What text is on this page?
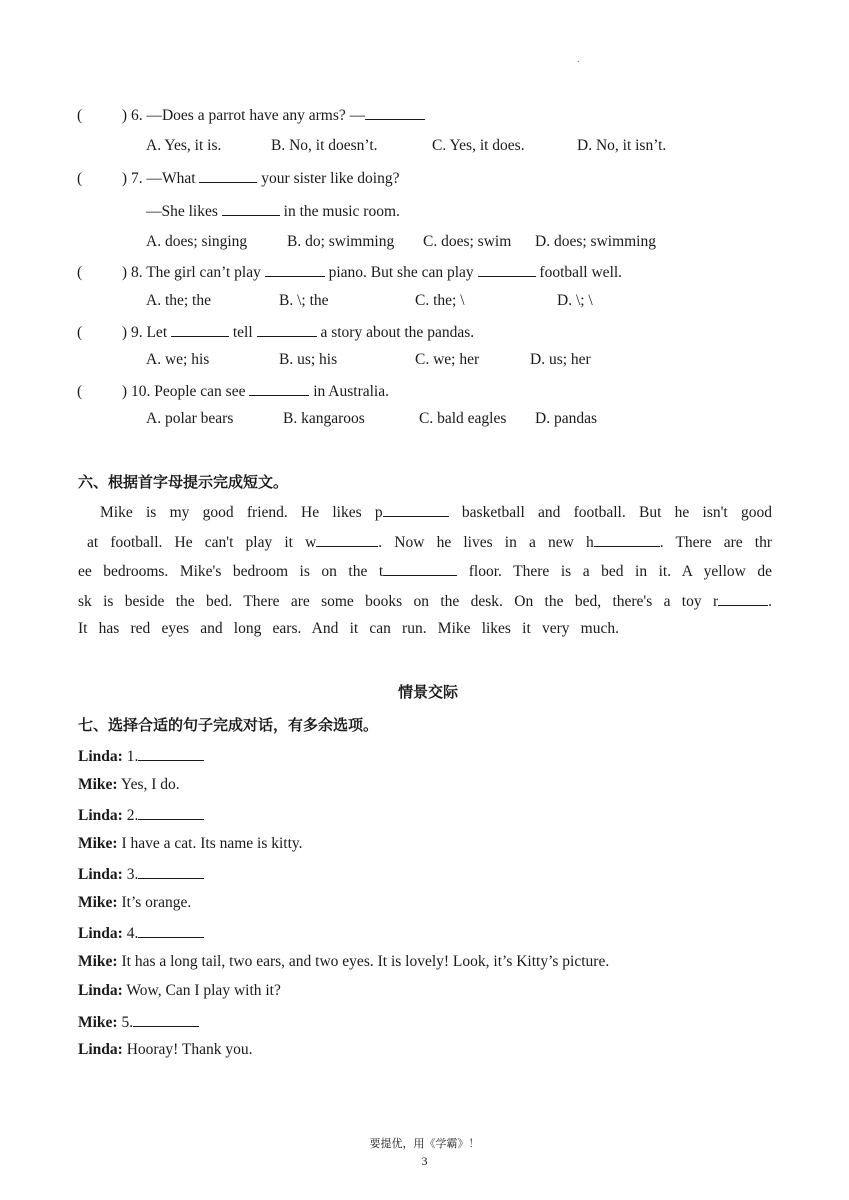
.
(	) 6. —Does a parrot have any arms? —
A. Yes, it is.	B. No, it doesn’t.	C. Yes, it does.	D. No, it isn’t.
(	) 7. —What	your sister like doing?
—She likes	in the music room.
A. does; singing	B. do; swimming C. does; swim D. does; swimming
(	) 8. The girl can’t play	piano. But she can play	football well.
A. the; the	B. \; the	C. the; \	D. \; \
(	) 9. Let	tell	a story about the pandas.
A. we; his	B. us; his	C. we; her	D. us; her
(	) 10. People can see	in Australia.
A. polar bears	B. kangaroos	C. bald eagles D. pandas
六、根据首字母提示完成短文。
Mike is my good friend. He likes p	basketball and football. But he isn't good
at football. He can't play it w	. Now he lives in a new h	. There are thr
ee bedrooms. Mike's bedroom is on the t	floor. There is a bed in it. A yellow de
sk is beside the bed. There are some books on the desk. On the bed, there's a toy r	.
It has red eyes and long ears. And it can run. Mike likes it very much.
情景交际
七、选择合适的句子完成对话，有多余选项。
Linda: 1.
Mike: Yes, I do.
Linda: 2.
Mike: I have a cat. Its name is kitty.
Linda: 3.
Mike: It’s orange.
Linda: 4.
Mike: It has a long tail, two ears, and two eyes. It is lovely! Look, it’s Kitty’s picture.
Linda: Wow, Can I play with it?
Mike: 5.
Linda: Hooray! Thank you.
要提优，用《学霸》！
3
